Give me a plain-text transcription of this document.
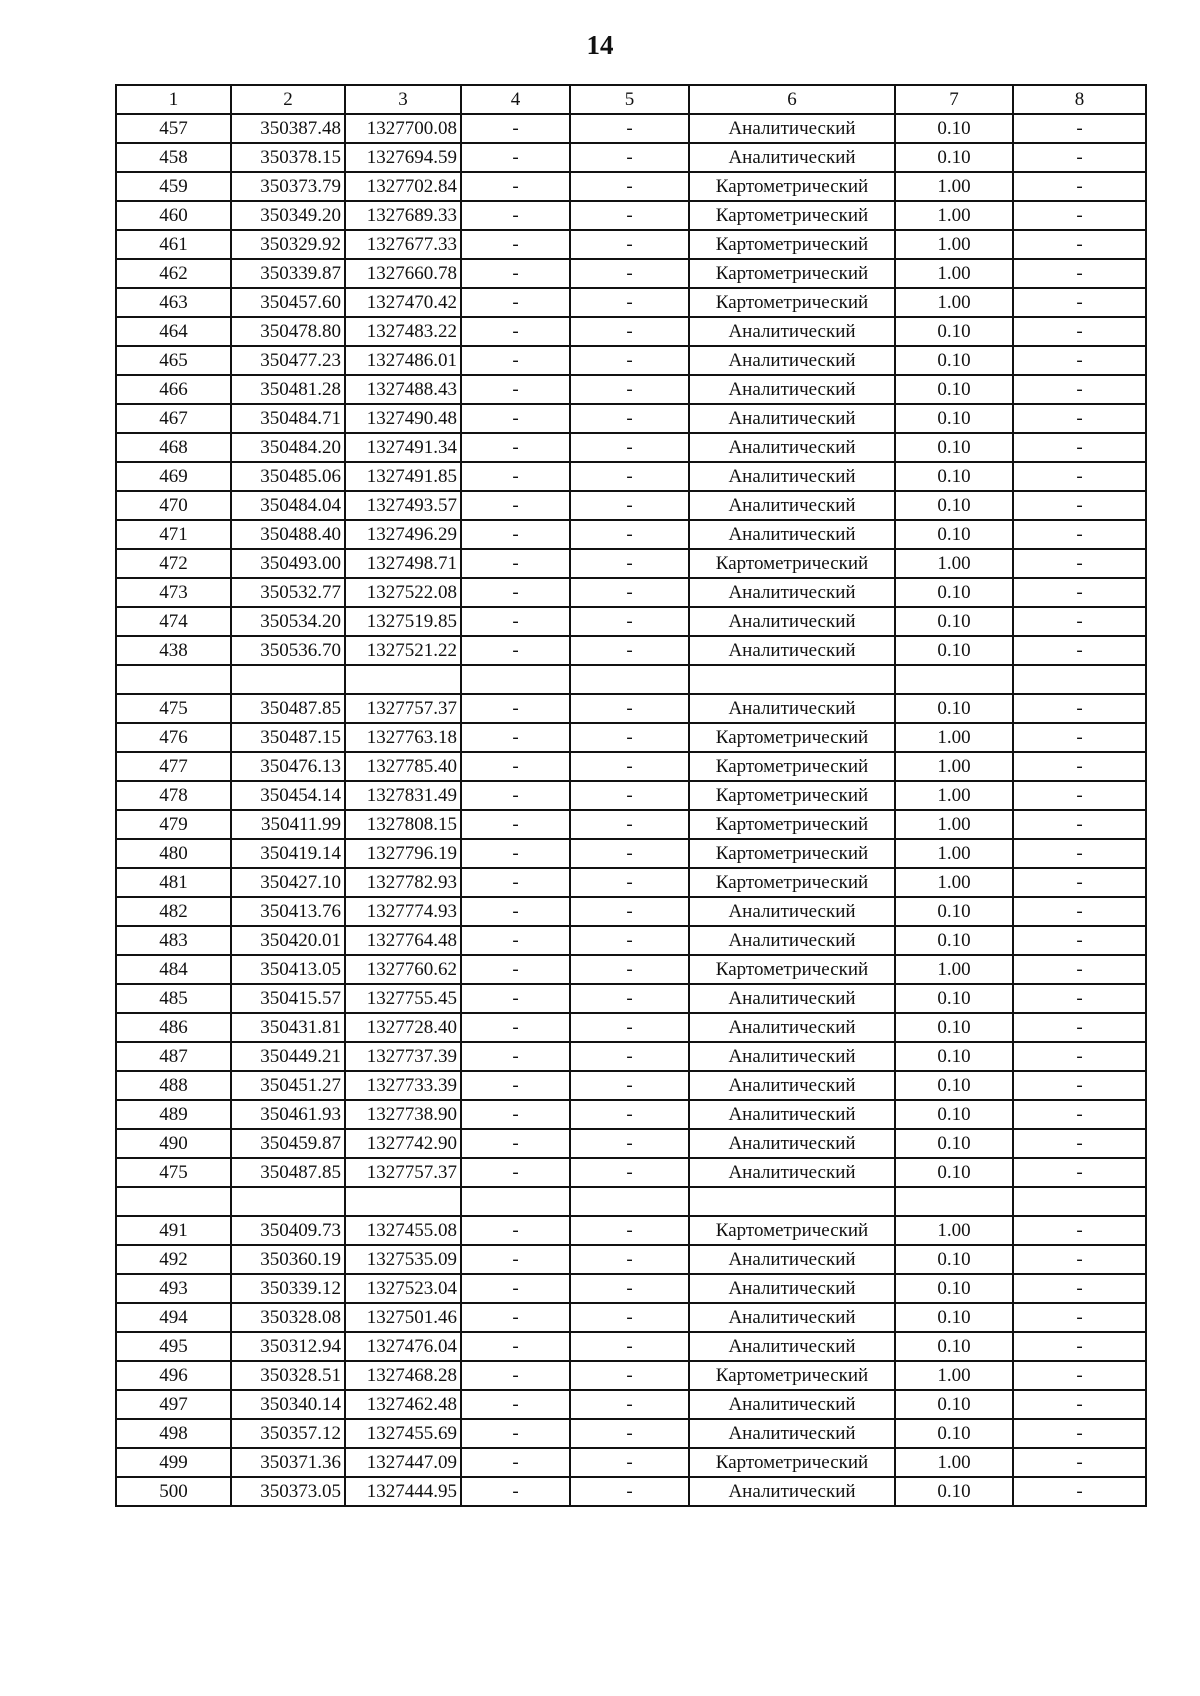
14
1	2	3	4	5	6	7	8
457	350387.48	1327700.08	-	-	Аналитический	0.10	-
458	350378.15	1327694.59	-	-	Аналитический	0.10	-
459	350373.79	1327702.84	-	-	Картометрический	1.00	-
460	350349.20	1327689.33	-	-	Картометрический	1.00	-
461	350329.92	1327677.33	-	-	Картометрический	1.00	-
462	350339.87	1327660.78	-	-	Картометрический	1.00	-
463	350457.60	1327470.42	-	-	Картометрический	1.00	-
464	350478.80	1327483.22	-	-	Аналитический	0.10	-
465	350477.23	1327486.01	-	-	Аналитический	0.10	-
466	350481.28	1327488.43	-	-	Аналитический	0.10	-
467	350484.71	1327490.48	-	-	Аналитический	0.10	-
468	350484.20	1327491.34	-	-	Аналитический	0.10	-
469	350485.06	1327491.85	-	-	Аналитический	0.10	-
470	350484.04	1327493.57	-	-	Аналитический	0.10	-
471	350488.40	1327496.29	-	-	Аналитический	0.10	-
472	350493.00	1327498.71	-	-	Картометрический	1.00	-
473	350532.77	1327522.08	-	-	Аналитический	0.10	-
474	350534.20	1327519.85	-	-	Аналитический	0.10	-
438	350536.70	1327521.22	-	-	Аналитический	0.10	-

475	350487.85	1327757.37	-	-	Аналитический	0.10	-
476	350487.15	1327763.18	-	-	Картометрический	1.00	-
477	350476.13	1327785.40	-	-	Картометрический	1.00	-
478	350454.14	1327831.49	-	-	Картометрический	1.00	-
479	350411.99	1327808.15	-	-	Картометрический	1.00	-
480	350419.14	1327796.19	-	-	Картометрический	1.00	-
481	350427.10	1327782.93	-	-	Картометрический	1.00	-
482	350413.76	1327774.93	-	-	Аналитический	0.10	-
483	350420.01	1327764.48	-	-	Аналитический	0.10	-
484	350413.05	1327760.62	-	-	Картометрический	1.00	-
485	350415.57	1327755.45	-	-	Аналитический	0.10	-
486	350431.81	1327728.40	-	-	Аналитический	0.10	-
487	350449.21	1327737.39	-	-	Аналитический	0.10	-
488	350451.27	1327733.39	-	-	Аналитический	0.10	-
489	350461.93	1327738.90	-	-	Аналитический	0.10	-
490	350459.87	1327742.90	-	-	Аналитический	0.10	-
475	350487.85	1327757.37	-	-	Аналитический	0.10	-

491	350409.73	1327455.08	-	-	Картометрический	1.00	-
492	350360.19	1327535.09	-	-	Аналитический	0.10	-
493	350339.12	1327523.04	-	-	Аналитический	0.10	-
494	350328.08	1327501.46	-	-	Аналитический	0.10	-
495	350312.94	1327476.04	-	-	Аналитический	0.10	-
496	350328.51	1327468.28	-	-	Картометрический	1.00	-
497	350340.14	1327462.48	-	-	Аналитический	0.10	-
498	350357.12	1327455.69	-	-	Аналитический	0.10	-
499	350371.36	1327447.09	-	-	Картометрический	1.00	-
500	350373.05	1327444.95	-	-	Аналитический	0.10	-
